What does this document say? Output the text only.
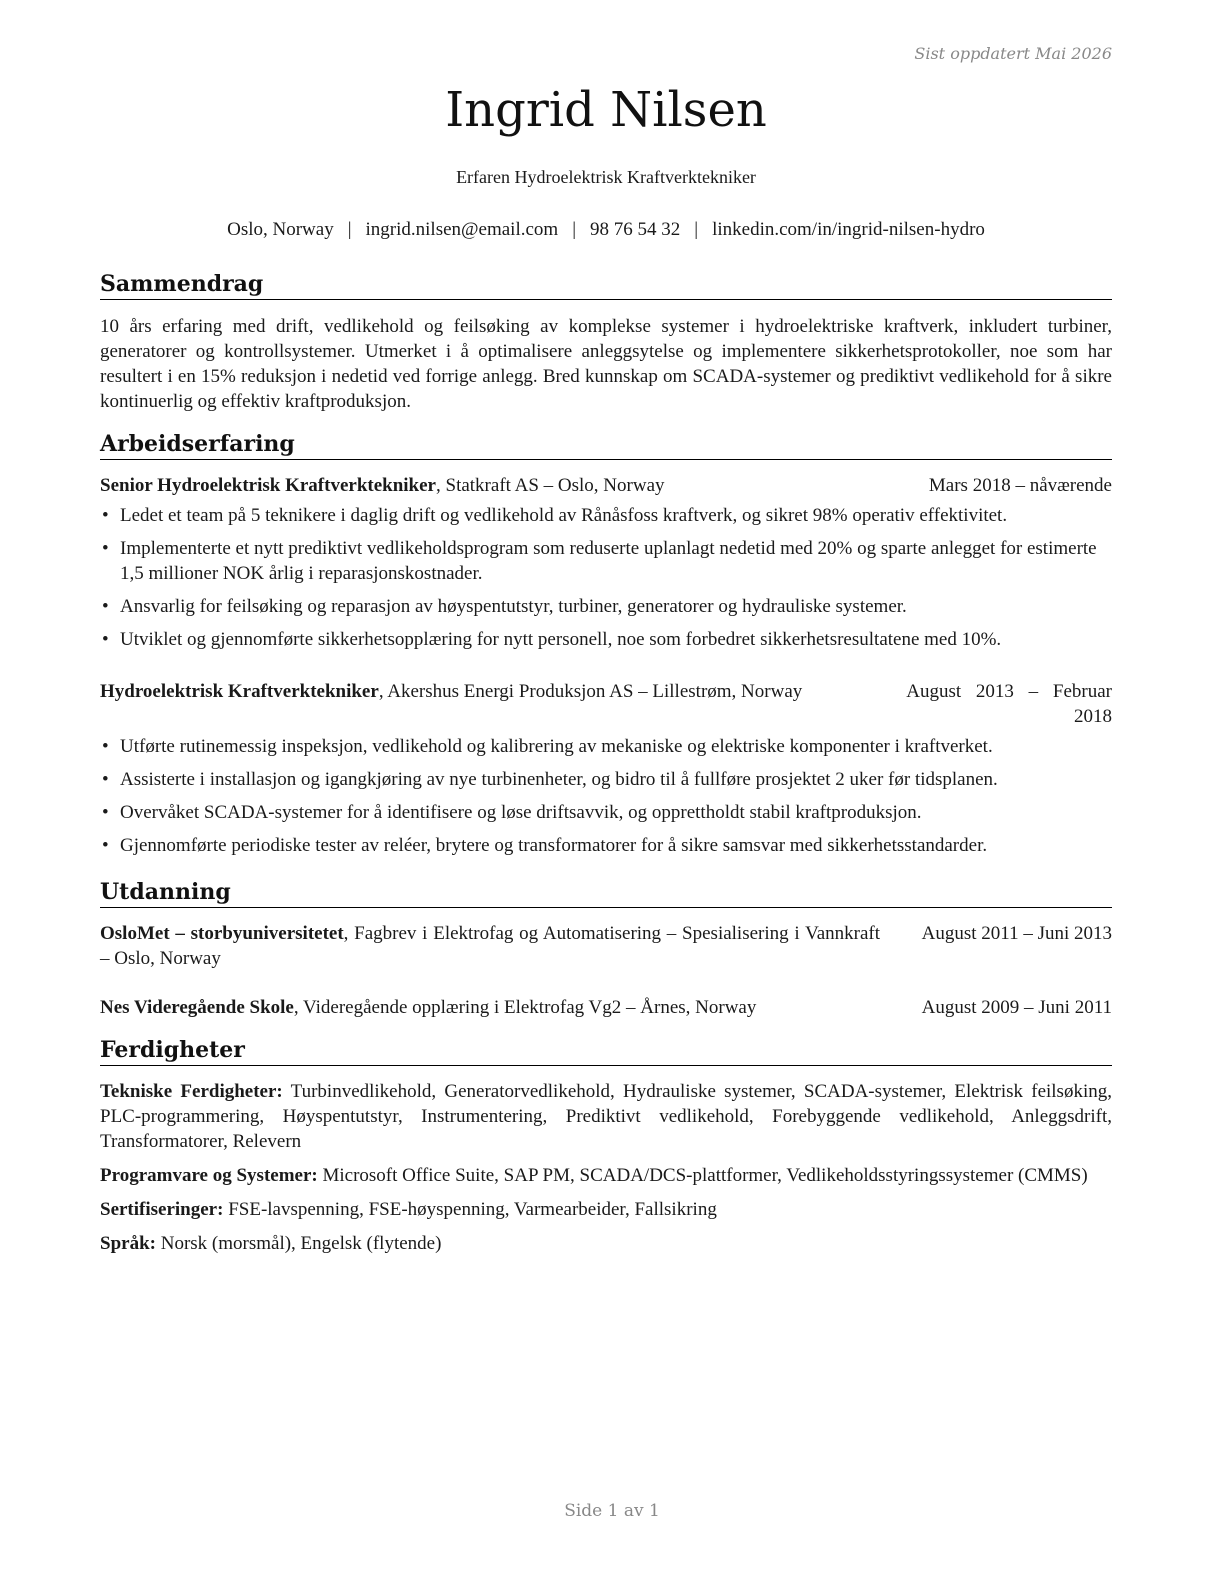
Sist oppdatert Mai 2026
Ingrid Nilsen
Erfaren Hydroelektrisk Kraftverktekniker
Oslo, Norway | ingrid.nilsen@email.com | 98 76 54 32 | linkedin.com/in/ingrid-nilsen-hydro
Sammendrag
10 års erfaring med drift, vedlikehold og feilsøking av komplekse systemer i hydroelektriske kraftverk, inkludert turbiner, generatorer og kontrollsystemer. Utmerket i å optimalisere anleggsytelse og implementere sikkerhetsprotokoller, noe som har resultert i en 15% reduksjon i nedetid ved forrige anlegg. Bred kunnskap om SCADA-systemer og prediktivt vedlikehold for å sikre kontinuerlig og effektiv kraftproduksjon.
Arbeidserfaring
Senior Hydroelektrisk Kraftverktekniker, Statkraft AS – Oslo, Norway	Mars 2018 – nåværende
• Ledet et team på 5 teknikere i daglig drift og vedlikehold av Rånåsfoss kraftverk, og sikret 98% operativ effektivitet.
• Implementerte et nytt prediktivt vedlikeholdsprogram som reduserte uplanlagt nedetid med 20% og sparte anlegget for estimerte 1,5 millioner NOK årlig i reparasjonskostnader.
• Ansvarlig for feilsøking og reparasjon av høyspentutstyr, turbiner, generatorer og hydrauliske systemer.
• Utviklet og gjennomførte sikkerhetsopplæring for nytt personell, noe som forbedret sikkerhetsresultatene med 10%.
Hydroelektrisk Kraftverktekniker, Akershus Energi Produksjon AS – Lillestrøm, Norway	August 2013 – Februar
2018
• Utførte rutinemessig inspeksjon, vedlikehold og kalibrering av mekaniske og elektriske komponenter i kraftverket.
• Assisterte i installasjon og igangkjøring av nye turbinenheter, og bidro til å fullføre prosjektet 2 uker før tidsplanen.
• Overvåket SCADA-systemer for å identifisere og løse driftsavvik, og opprettholdt stabil kraftproduksjon.
• Gjennomførte periodiske tester av reléer, brytere og transformatorer for å sikre samsvar med sikkerhetsstandarder.
Utdanning
OsloMet – storbyuniversitetet, Fagbrev i Elektrofag og Automatisering – Spesialisering i Vannkraft – Oslo, Norway
August 2011 – Juni 2013
Nes Videregående Skole, Videregående opplæring i Elektrofag Vg2 – Årnes, Norway	August 2009 – Juni 2011
Ferdigheter
Tekniske Ferdigheter: Turbinvedlikehold, Generatorvedlikehold, Hydrauliske systemer, SCADA-systemer, Elektrisk feilsøking, PLC-programmering, Høyspentutstyr, Instrumentering, Prediktivt vedlikehold, Forebyggende vedlikehold, Anleggsdrift, Transformatorer, Relevern
Programvare og Systemer: Microsoft Office Suite, SAP PM, SCADA/DCS-plattformer, Vedlikeholdsstyringssystemer (CMMS)
Sertifiseringer: FSE-lavspenning, FSE-høyspenning, Varmearbeider, Fallsikring
Språk: Norsk (morsmål), Engelsk (flytende)
Side 1 av 1
